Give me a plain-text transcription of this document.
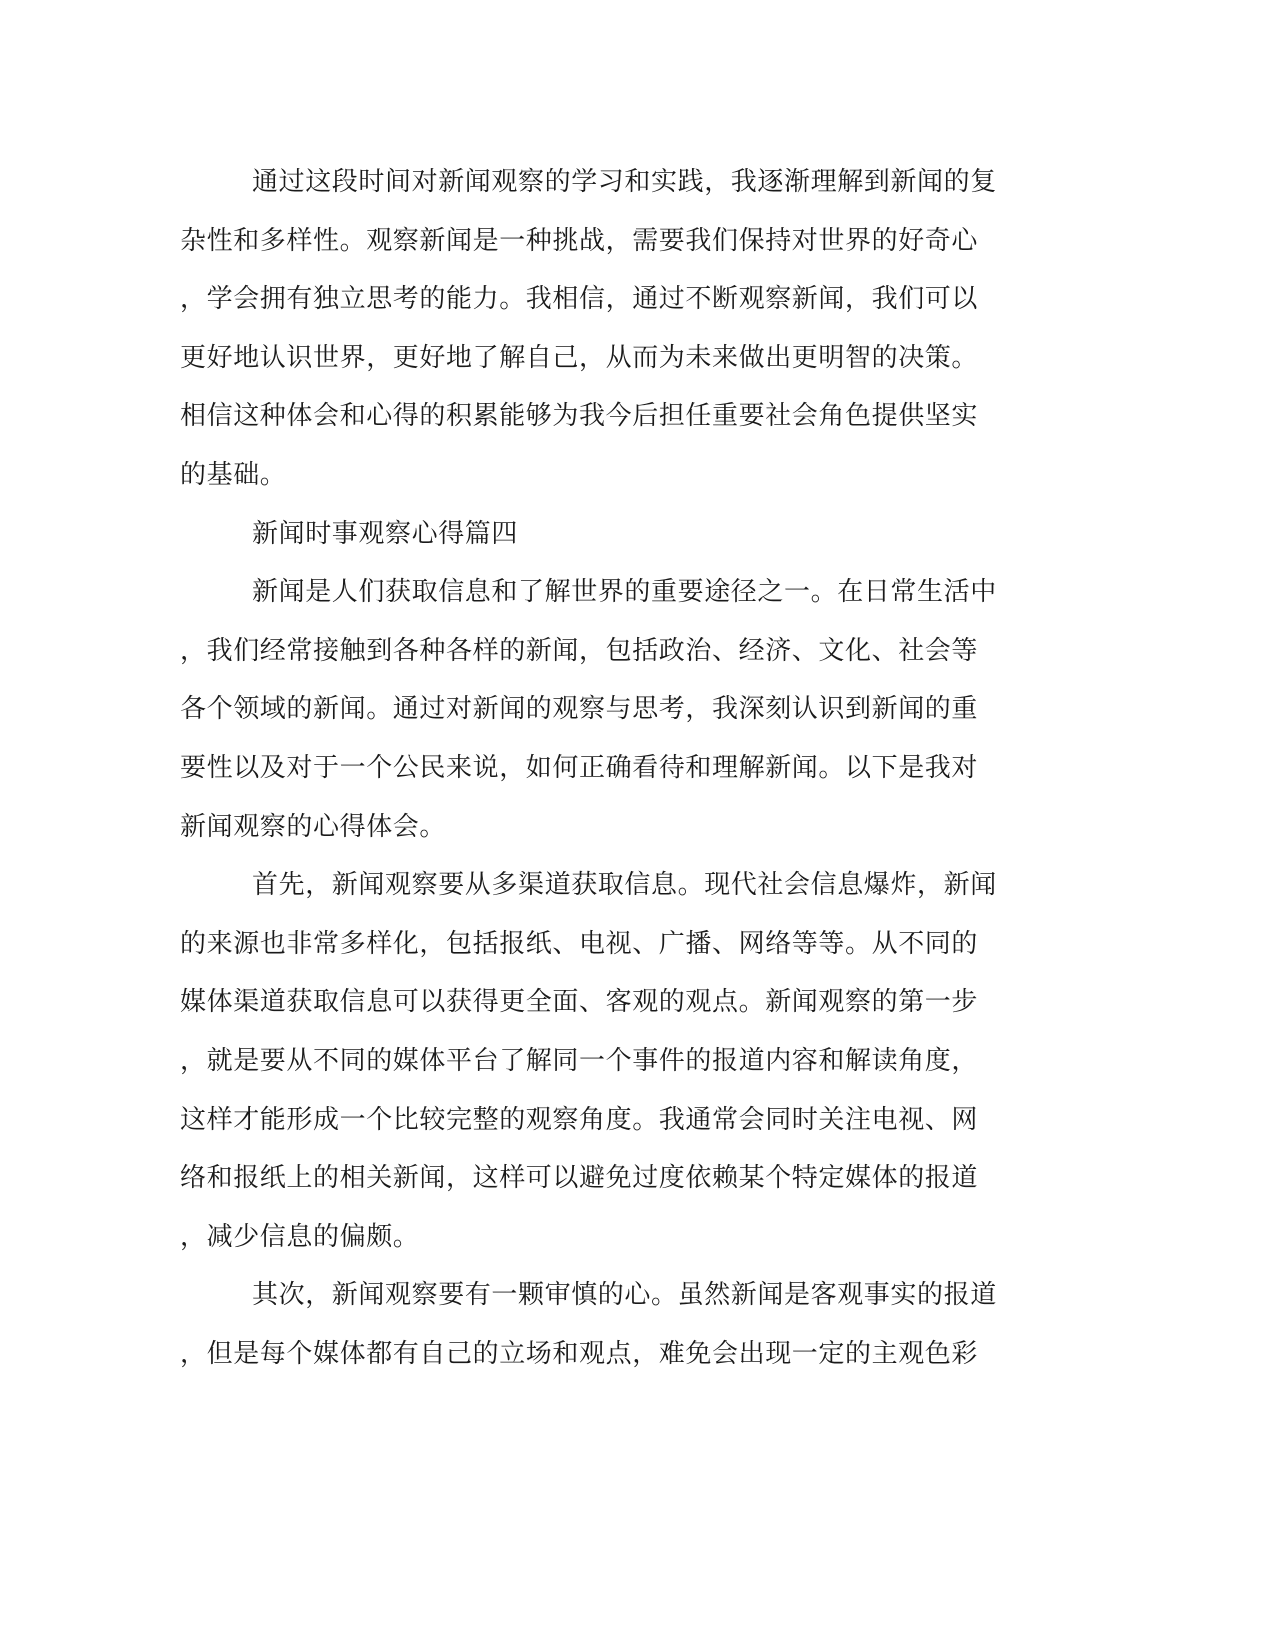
通过这段时间对新闻观察的学习和实践，我逐渐理解到新闻的复
杂性和多样性。观察新闻是一种挑战，需要我们保持对世界的好奇心
，学会拥有独立思考的能力。我相信，通过不断观察新闻，我们可以
更好地认识世界，更好地了解自己，从而为未来做出更明智的决策。
相信这种体会和心得的积累能够为我今后担任重要社会角色提供坚实
的基础。
新闻时事观察心得篇四
新闻是人们获取信息和了解世界的重要途径之一。在日常生活中
，我们经常接触到各种各样的新闻，包括政治、经济、文化、社会等
各个领域的新闻。通过对新闻的观察与思考，我深刻认识到新闻的重
要性以及对于一个公民来说，如何正确看待和理解新闻。以下是我对
新闻观察的心得体会。
首先，新闻观察要从多渠道获取信息。现代社会信息爆炸，新闻
的来源也非常多样化，包括报纸、电视、广播、网络等等。从不同的
媒体渠道获取信息可以获得更全面、客观的观点。新闻观察的第一步
，就是要从不同的媒体平台了解同一个事件的报道内容和解读角度，
这样才能形成一个比较完整的观察角度。我通常会同时关注电视、网
络和报纸上的相关新闻，这样可以避免过度依赖某个特定媒体的报道
，减少信息的偏颇。
其次，新闻观察要有一颗审慎的心。虽然新闻是客观事实的报道
，但是每个媒体都有自己的立场和观点，难免会出现一定的主观色彩
